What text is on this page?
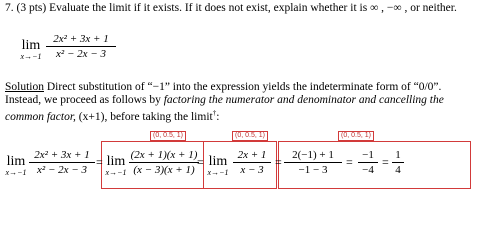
7. (3 pts) Evaluate the limit if it exists. If it does not exist, explain whether it is ∞ , −∞ , or neither.
lim
x→−1
2x² + 3x + 1
x² − 2x − 3
Solution Direct substitution of “−1” into the expression yields the indeterminate form of “0/0”.
Instead, we proceed as follows by factoring the numerator and denominator and cancelling the
common factor, (x+1), before taking the limit†:
(0, 0.5, 1)	(0, 0.5, 1)	(0, 0.5, 1)
lim
x→−1
2x² + 3x + 1
x² − 2x − 3
= lim
x→−1
(2x + 1)(x + 1)
(x − 3)(x + 1)
= lim
x→−1
2x + 1
x − 3
= 2(−1) + 1
−1 − 3
= −1
−4
= 1
4
